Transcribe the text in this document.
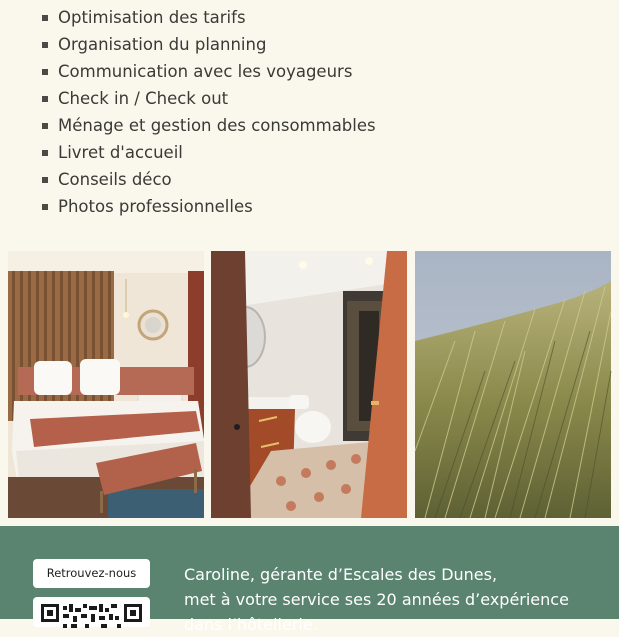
Optimisation des tarifs
Organisation du planning
Communication avec les voyageurs
Check in / Check out
Ménage et gestion des consommables
Livret d'accueil
Conseils déco
Photos professionnelles
Retrouvez-nous	Caroline, gérante d’Escales des Dunes,
met à votre service ses 20 années d’expérience
dans l’hôtellerie.
